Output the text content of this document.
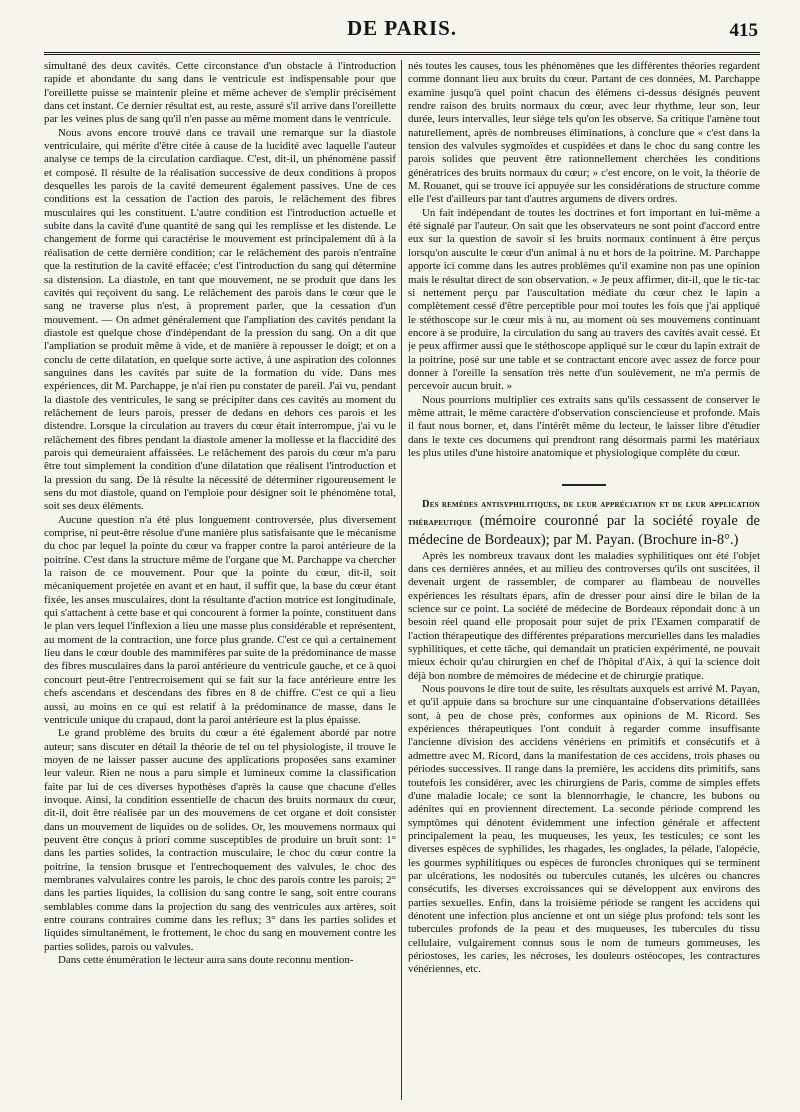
DE PARIS.	415

simultané des deux cavités. Cette circonstance d'un obstacle à l'introduction rapide et abondante du sang dans le ventricule est indispensable pour que l'oreillette puisse se maintenir pleine et même achever de s'emplir précisément dans cet instant. Ce dernier résultat est, au reste, assuré s'il arrive dans l'oreillette par les veines plus de sang qu'il n'en passe au même moment dans le ventricule.

Nous avons encore trouvé dans ce travail une remarque sur la diastole ventriculaire, qui mérite d'être citée à cause de la lucidité avec laquelle l'auteur analyse ce temps de la circulation cardiaque. C'est, dit-il, un phénomène passif et composé. Il résulte de la réalisation successive de deux conditions à propos desquelles les parois de la cavité demeurent également passives. Une de ces conditions est la cessation de l'action des parois, le relâchement des fibres musculaires qui les constituent. L'autre condition est l'introduction actuelle et subite dans la cavité d'une quantité de sang qui les remplisse et les distende. Le changement de forme qui caractérise le mouvement est principalement dû à la réalisation de cette dernière condition; car le relâchement des parois n'entraîne que la restitution de la cavité effacée; c'est l'introduction du sang qui détermine sa distension. La diastole, en tant que mouvement, ne se produit que dans les cavités qui reçoivent du sang. Le relâchement des parois dans le cœur que le sang ne traverse plus n'est, à proprement parler, que la cessation d'un mouvement. — On admet généralement que l'ampliation des cavités pendant la diastole est quelque chose d'indépendant de la pression du sang. On a dit que l'ampliation se produit même à vide, et de manière à repousser le doigt; et on a conclu de cette dilatation, en quelque sorte active, à une aspiration des colonnes sanguines dans les cavités par suite de la formation du vide. Dans mes expériences, dit M. Parchappe, je n'ai rien pu constater de pareil. J'ai vu, pendant la diastole des ventricules, le sang se précipiter dans ces cavités au moment du relâchement de leurs parois, presser de dedans en dehors ces parois et les distendre. Lorsque la circulation au travers du cœur était interrompue, j'ai vu le relâchement des fibres pendant la diastole amener la mollesse et la flaccidité des parois qui demeuraient affaissées. Le relâchement des parois du cœur m'a paru être tout simplement la condition d'une dilatation que réalisent l'introduction et la pression du sang. De là résulte la nécessité de déterminer rigoureusement le sens du mot diastole, quand on l'emploie pour désigner soit le phénomène total, soit ses deux éléments.

Aucune question n'a été plus longuement controversée, plus diversement comprise, ni peut-être résolue d'une manière plus satisfaisante que le mécanisme du choc par lequel la pointe du cœur va frapper contre la paroi antérieure de la poitrine. C'est dans la structure même de l'organe que M. Parchappe va chercher la raison de ce mouvement. Pour que la pointe du cœur, dit-il, soit mécaniquement projetée en avant et en haut, il suffit que, la base du cœur étant fixée, les anses musculaires, dont la résultante d'action motrice est longitudinale, qui s'attachent à cette base et qui concourent à former la pointe, constituent dans le plan vers lequel l'inflexion a lieu une masse plus considérable et représentent, au moment de la contraction, une force plus grande. C'est ce qui a certainement lieu dans le cœur double des mammifères par suite de la prédominance de masse des fibres musculaires dans la paroi antérieure du ventricule gauche, et ce à quoi concourt peut-être l'entrecroisement qui se fait sur la face antérieure entre les chefs ascendans et descendans des fibres en 8 de chiffre. C'est ce qui a lieu aussi, au moins en ce qui est relatif à la prédominance de masse, dans le ventricule unique du crapaud, dont la paroi antérieure est la plus épaisse.

Le grand problème des bruits du cœur a été également abordé par notre auteur; sans discuter en détail la théorie de tel ou tel physiologiste, il trouve le moyen de ne laisser passer aucune des applications proposées sans examiner leur valeur. Rien ne nous a paru simple et lumineux comme la classification faite par lui de ces diverses hypothèses d'après la cause que chacune d'elles invoque. Ainsi, la condition essentielle de chacun des bruits normaux du cœur, dit-il, doit être réalisée par un des mouvemens de cet organe et doit consister dans un mouvement de liquides ou de solides. Or, les mouvemens normaux qui peuvent être conçus à priori comme susceptibles de produire un bruit sont: 1° dans les parties solides, la contraction musculaire, le choc du cœur contre la poitrine, la tension brusque et l'entrechoquement des valvules, le choc des membranes valvulaires contre les parois, le choc des parois contre les parois; 2° dans les parties liquides, la collision du sang contre le sang, soit entre courans semblables comme dans la projection du sang des ventricules aux artères, soit entre courans contraires comme dans les reflux; 3° dans les parties solides et liquides simultanément, le frottement, le choc du sang en mouvement contre les parties solides, parois ou valvules.

Dans cette énumération le lecteur aura sans doute reconnu mention-

nés toutes les causes, tous les phénomènes que les différentes théories regardent comme donnant lieu aux bruits du cœur. Partant de ces données, M. Parchappe examine jusqu'à quel point chacun des élémens ci-dessus désignés peuvent rendre raison des bruits normaux du cœur, avec leur rhythme, leur son, leur durée, leurs intervalles, leur siége tels qu'on les observe. Sa critique l'amène tout naturellement, après de nombreuses éliminations, à conclure que « c'est dans la tension des valvules sygmoïdes et cuspidées et dans le choc du sang contre les parois solides que peuvent être rationnellement cherchées les conditions génératrices des bruits normaux du cœur; » c'est encore, on le voit, la théorie de M. Rouanet, qui se trouve ici appuyée sur les considérations de structure comme elle l'est d'ailleurs par tant d'autres argumens de divers ordres.

Un fait indépendant de toutes les doctrines et fort important en lui-même a été signalé par l'auteur. On sait que les observateurs ne sont point d'accord entre eux sur la question de savoir si les bruits normaux continuent à être perçus lorsqu'on ausculte le cœur d'un animal à nu et hors de la poitrine. M. Parchappe apporte ici comme dans les autres problèmes qu'il examine non pas une opinion mais le résultat direct de son observation. « Je peux affirmer, dit-il, que le tic-tac si nettement perçu par l'auscultation médiate du cœur chez le lapin a complètement cessé d'être perceptible pour moi toutes les fois que j'ai appliqué le stéthoscope sur le cœur mis à nu, au moment où ses mouvemens continuant encore à se produire, la circulation du sang au travers des cavités avait cessé. Et je peux affirmer aussi que le stéthoscope appliqué sur le cœur du lapin extrait de la poitrine, posé sur une table et se contractant encore avec assez de force pour donner à l'oreille la sensation très nette d'un soulèvement, ne m'a permis de percevoir aucun bruit. »

Nous pourrions multiplier ces extraits sans qu'ils cessassent de conserver le même attrait, le même caractère d'observation consciencieuse et profonde. Mais il faut nous borner, et, dans l'intérêt même du lecteur, le laisser libre d'étudier dans le texte ces documens qui prendront rang désormais parmi les matériaux les plus utiles d'une histoire anatomique et physiologique complète du cœur.

Des remèdes antisyphilitiques, de leur appréciation et de leur application thérapeutique (mémoire couronné par la société royale de médecine de Bordeaux); par M. Payan. (Brochure in-8°.)

Après les nombreux travaux dont les maladies syphilitiques ont été l'objet dans ces dernières années, et au milieu des controverses qu'ils ont suscitées, il devenait urgent de rassembler, de comparer au flambeau de nouvelles expériences les résultats épars, afin de dresser pour ainsi dire le bilan de la science sur ce point. La société de médecine de Bordeaux répondait donc à un besoin réel quand elle proposait pour sujet de prix l'Examen comparatif de l'action thérapeutique des différentes préparations mercurielles dans les maladies syphilitiques, et cette tâche, qui demandait un praticien expérimenté, ne pouvait mieux échoir qu'au chirurgien en chef de l'hôpital d'Aix, à qui la science doit déjà bon nombre de mémoires de médecine et de chirurgie pratique.

Nous pouvons le dire tout de suite, les résultats auxquels est arrivé M. Payan, et qu'il appuie dans sa brochure sur une cinquantaine d'observations détaillées sont, à peu de chose près, conformes aux opinions de M. Ricord. Ses expériences thérapeutiques l'ont conduit à regarder comme insuffisante l'ancienne division des accidens vénériens en primitifs et consécutifs et à admettre avec M. Ricord, dans la manifestation de ces accidens, trois phases ou périodes successives. Il range dans la première, les accidens dits primitifs, sans toutefois les considérer, avec les chirurgiens de Paris, comme de simples effets d'une maladie locale; ce sont la blennorrhagie, le chancre, les bubons ou adénites qui en proviennent directement. La seconde période comprend les symptômes qui dénotent évidemment une infection générale et affectent principalement la peau, les muqueuses, les yeux, les testicules; ce sont les diverses espèces de syphilides, les rhagades, les onglades, la pélade, l'alopécie, les gourmes syphilitiques ou espèces de furoncles chroniques qui se terminent par ulcérations, les nodosités ou tubercules cutanés, les ulcères ou chancres consécutifs, les diverses excroissances qui se développent aux environs des parties sexuelles. Enfin, dans la troisième période se rangent les accidens qui dénotent une infection plus ancienne et ont un siége plus profond: tels sont les tubercules profonds de la peau et des muqueuses, les tubercules du tissu cellulaire, vulgairement connus sous le nom de tumeurs gommeuses, les périostoses, les caries, les nécroses, les douleurs ostéocopes, les contractures vénériennes, etc.
